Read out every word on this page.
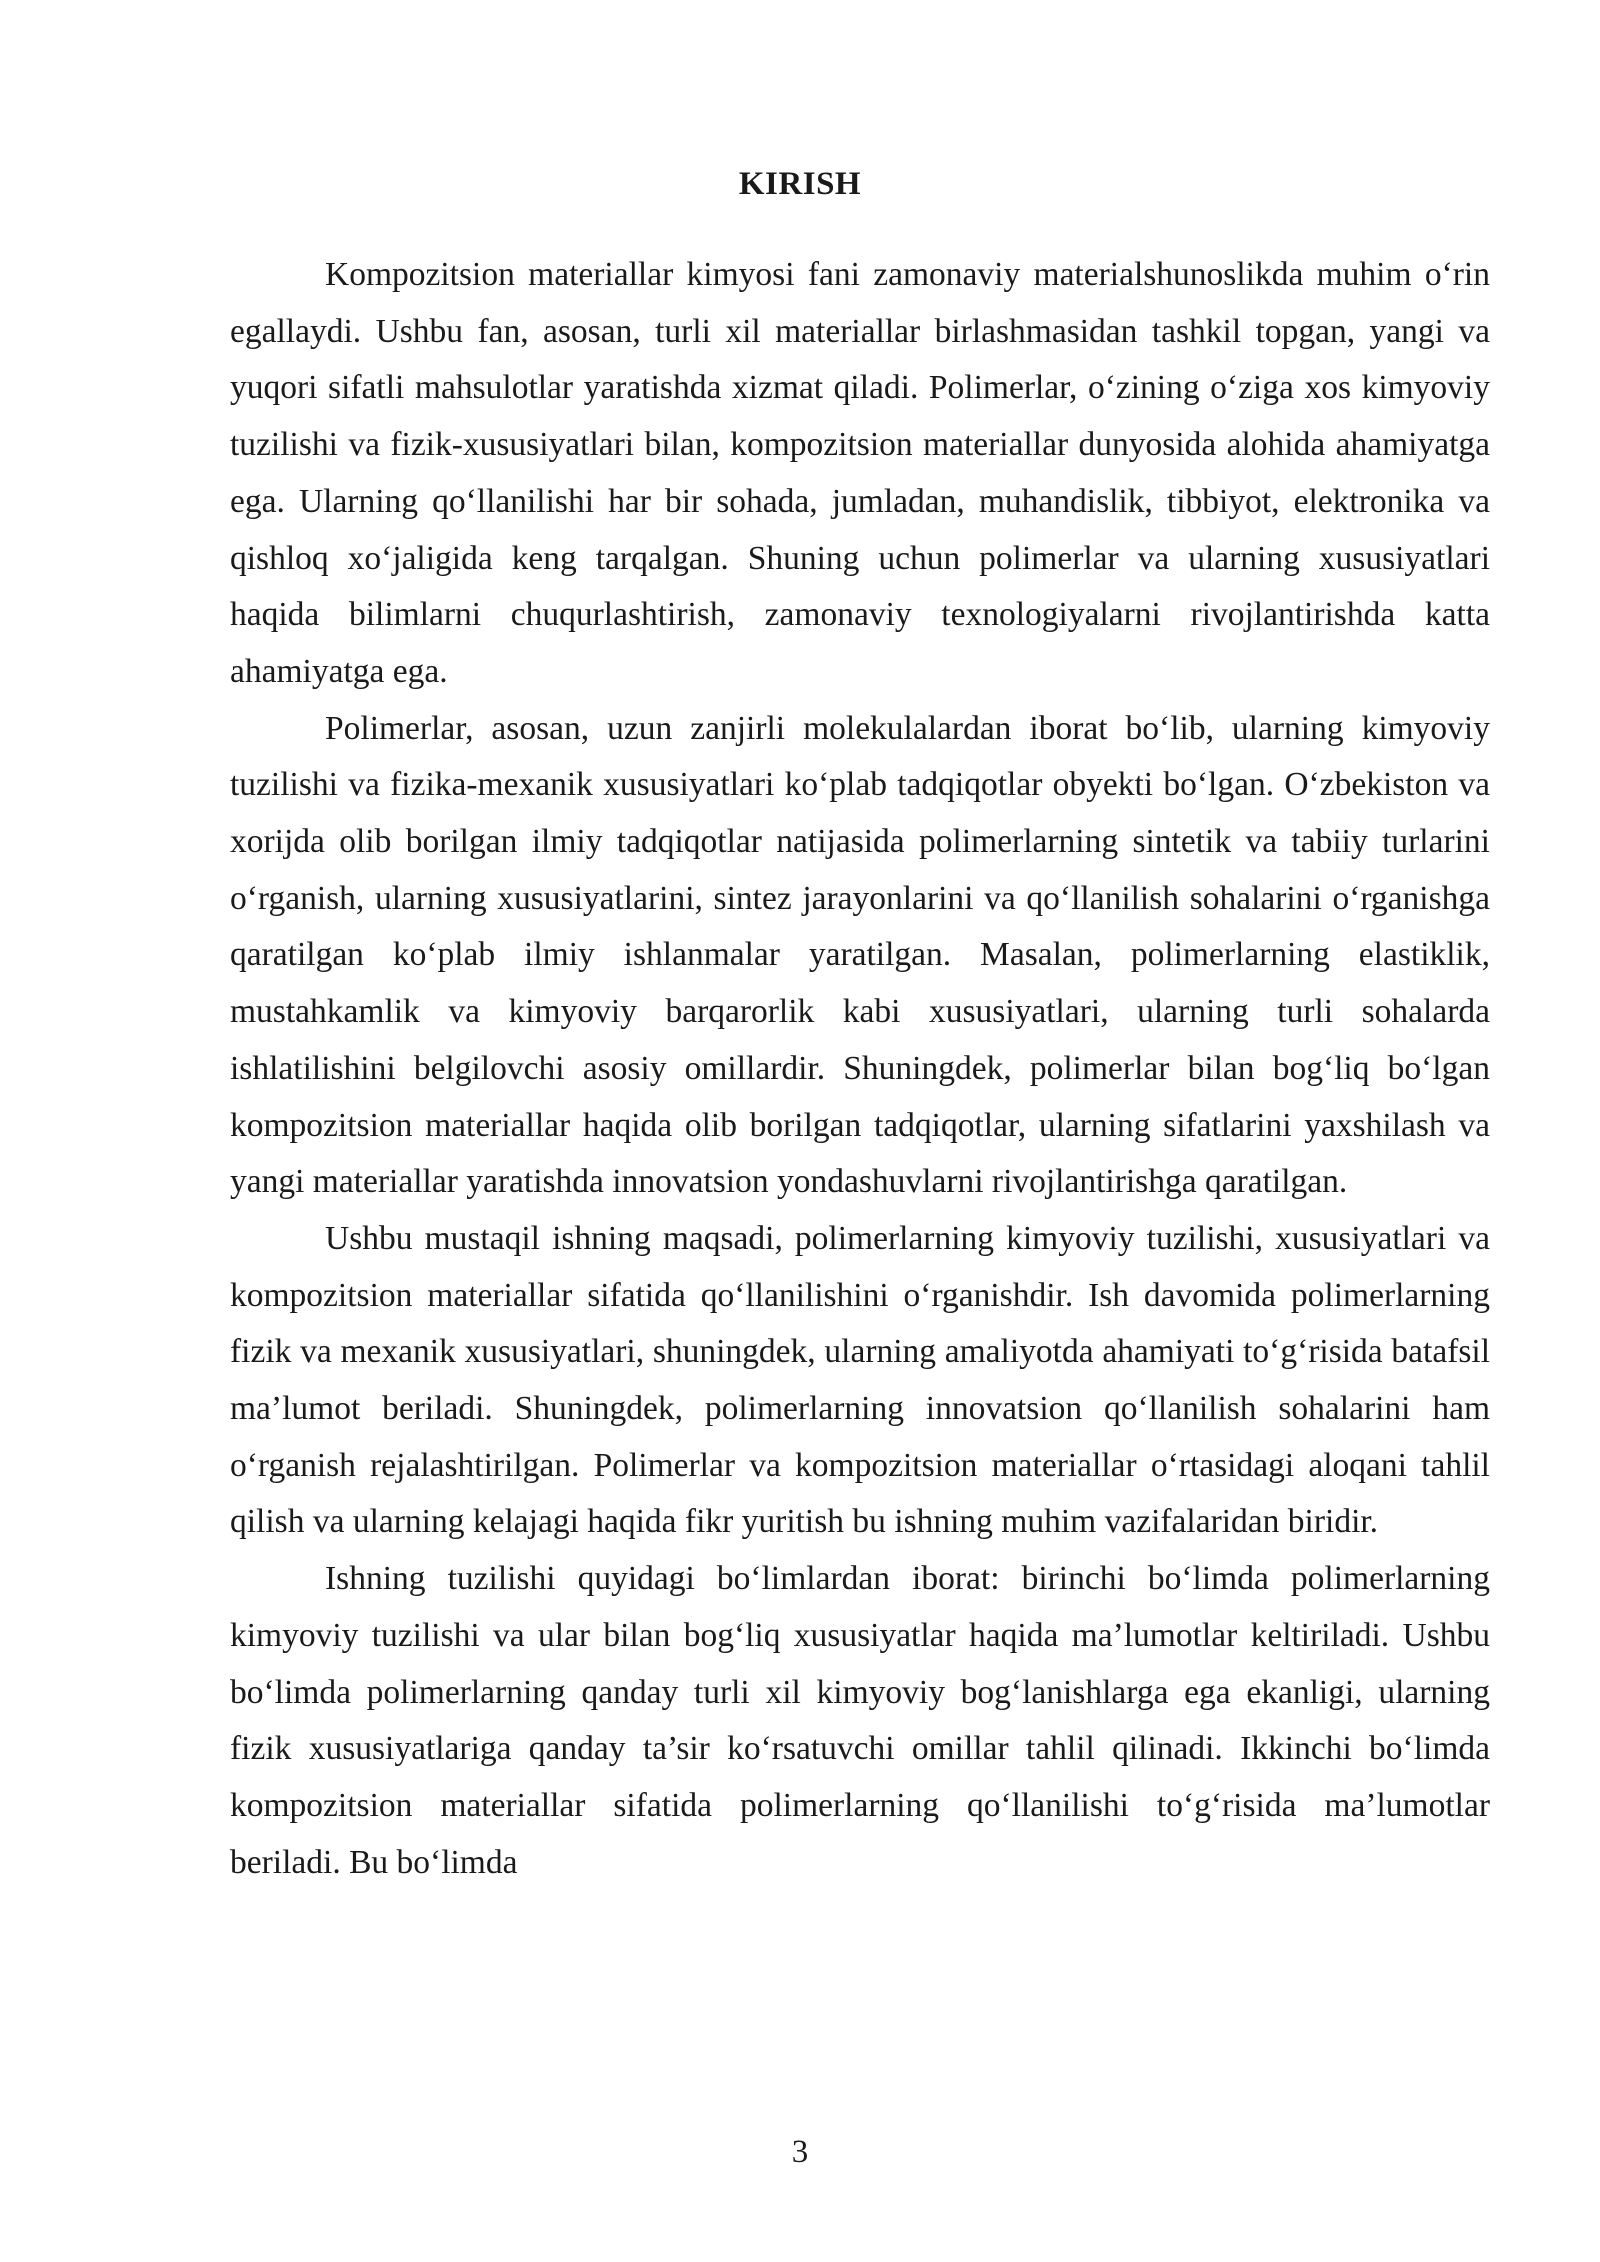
KIRISH

Kompozitsion materiallar kimyosi fani zamonaviy materialshunoslikda muhim o‘rin egallaydi. Ushbu fan, asosan, turli xil materiallar birlashmasidan tashkil topgan, yangi va yuqori sifatli mahsulotlar yaratishda xizmat qiladi. Polimerlar, o‘zining o‘ziga xos kimyoviy tuzilishi va fizik-xususiyatlari bilan, kompozitsion materiallar dunyosida alohida ahamiyatga ega. Ularning qo‘llanilishi har bir sohada, jumladan, muhandislik, tibbiyot, elektronika va qishloq xo‘jaligida keng tarqalgan. Shuning uchun polimerlar va ularning xususiyatlari haqida bilimlarni chuqurlashtirish, zamonaviy texnologiyalarni rivojlantirishda katta ahamiyatga ega.

Polimerlar, asosan, uzun zanjirli molekulalardan iborat bo‘lib, ularning kimyoviy tuzilishi va fizika-mexanik xususiyatlari ko‘plab tadqiqotlar obyekti bo‘lgan. O‘zbekiston va xorijda olib borilgan ilmiy tadqiqotlar natijasida polimerlarning sintetik va tabiiy turlarini o‘rganish, ularning xususiyatlarini, sintez jarayonlarini va qo‘llanilish sohalarini o‘rganishga qaratilgan ko‘plab ilmiy ishlanmalar yaratilgan. Masalan, polimerlarning elastiklik, mustahkamlik va kimyoviy barqarorlik kabi xususiyatlari, ularning turli sohalarda ishlatilishini belgilovchi asosiy omillardir. Shuningdek, polimerlar bilan bog‘liq bo‘lgan kompozitsion materiallar haqida olib borilgan tadqiqotlar, ularning sifatlarini yaxshilash va yangi materiallar yaratishda innovatsion yondashuvlarni rivojlantirishga qaratilgan.

Ushbu mustaqil ishning maqsadi, polimerlarning kimyoviy tuzilishi, xususiyatlari va kompozitsion materiallar sifatida qo‘llanilishini o‘rganishdir. Ish davomida polimerlarning fizik va mexanik xususiyatlari, shuningdek, ularning amaliyotda ahamiyati to‘g‘risida batafsil ma’lumot beriladi. Shuningdek, polimerlarning innovatsion qo‘llanilish sohalarini ham o‘rganish rejalashtirilgan. Polimerlar va kompozitsion materiallar o‘rtasidagi aloqani tahlil qilish va ularning kelajagi haqida fikr yuritish bu ishning muhim vazifalaridan biridir.

Ishning tuzilishi quyidagi bo‘limlardan iborat: birinchi bo‘limda polimerlarning kimyoviy tuzilishi va ular bilan bog‘liq xususiyatlar haqida ma’lumotlar keltiriladi. Ushbu bo‘limda polimerlarning qanday turli xil kimyoviy bog‘lanishlarga ega ekanligi, ularning fizik xususiyatlariga qanday ta’sir ko‘rsatuvchi omillar tahlil qilinadi. Ikkinchi bo‘limda kompozitsion materiallar sifatida polimerlarning qo‘llanilishi to‘g‘risida ma’lumotlar beriladi. Bu bo‘limda

3
